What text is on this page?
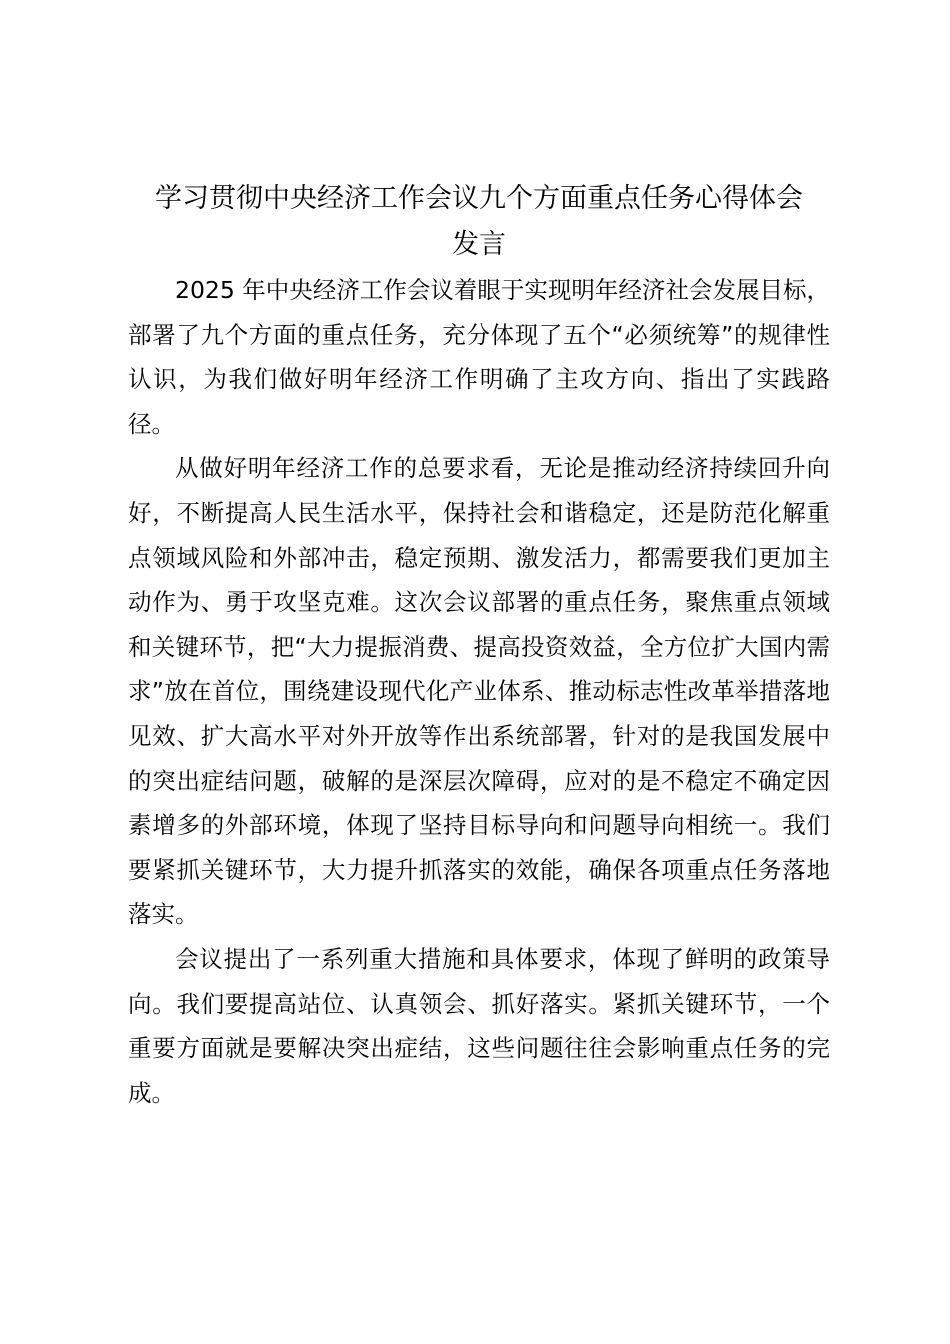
学习贯彻中央经济工作会议九个方面重点任务心得体会
发言

2025 年中央经济工作会议着眼于实现明年经济社会发展目标，部署了九个方面的重点任务，充分体现了五个“必须统筹”的规律性认识，为我们做好明年经济工作明确了主攻方向、指出了实践路径。

从做好明年经济工作的总要求看，无论是推动经济持续回升向好，不断提高人民生活水平，保持社会和谐稳定，还是防范化解重点领域风险和外部冲击，稳定预期、激发活力，都需要我们更加主动作为、勇于攻坚克难。这次会议部署的重点任务，聚焦重点领域和关键环节，把“大力提振消费、提高投资效益，全方位扩大国内需求”放在首位，围绕建设现代化产业体系、推动标志性改革举措落地见效、扩大高水平对外开放等作出系统部署，针对的是我国发展中的突出症结问题，破解的是深层次障碍，应对的是不稳定不确定因素增多的外部环境，体现了坚持目标导向和问题导向相统一。我们要紧抓关键环节，大力提升抓落实的效能，确保各项重点任务落地落实。

会议提出了一系列重大措施和具体要求，体现了鲜明的政策导向。我们要提高站位、认真领会、抓好落实。紧抓关键环节，一个重要方面就是要解决突出症结，这些问题往往会影响重点任务的完成。
